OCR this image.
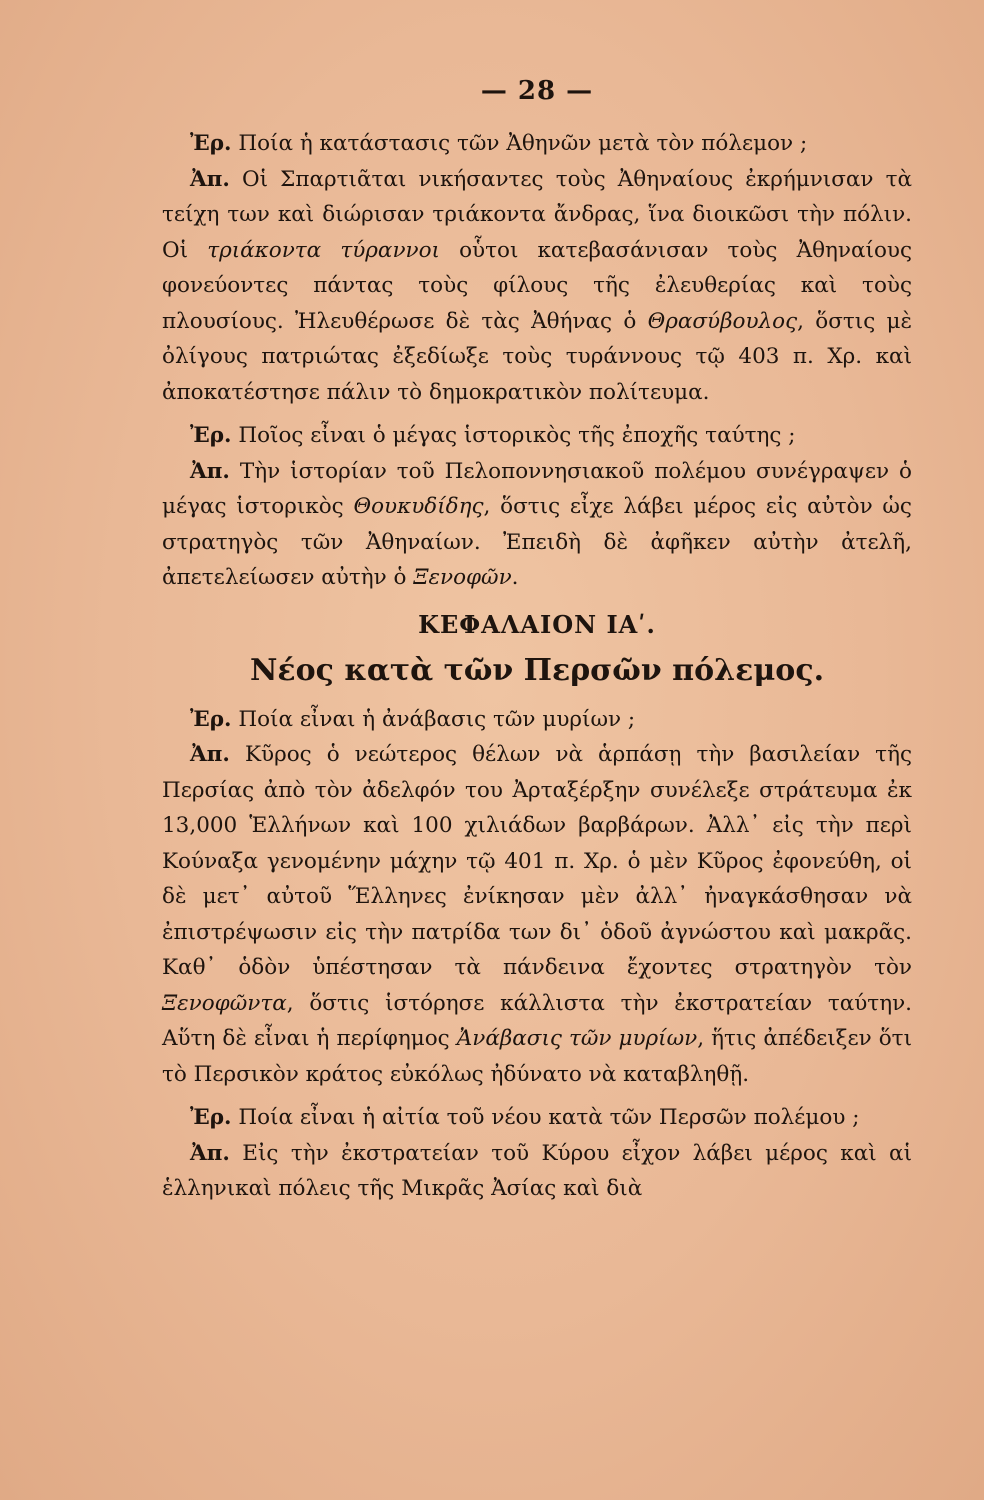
— 28 —

Ἐρ. Ποία ἡ κατάστασις τῶν Ἀθηνῶν μετὰ τὸν πόλεμον ;

Ἀπ. Οἱ Σπαρτιᾶται νικήσαντες τοὺς Ἀθηναίους ἐκρήμνισαν τὰ τείχη των καὶ διώρισαν τριάκοντα ἄνδρας, ἵνα διοικῶσι τὴν πόλιν. Οἱ τριάκοντα τύραννοι οὗτοι κατεβασάνισαν τοὺς Ἀθηναίους φονεύοντες πάντας τοὺς φίλους τῆς ἐλευθερίας καὶ τοὺς πλουσίους. Ἠλευθέρωσε δὲ τὰς Ἀθήνας ὁ Θρασύβουλος, ὅστις μὲ ὀλίγους πατριώτας ἐξεδίωξε τοὺς τυράννους τῷ 403 π. Χρ. καὶ ἀποκατέστησε πάλιν τὸ δημοκρατικὸν πολίτευμα.

Ἐρ. Ποῖος εἶναι ὁ μέγας ἱστορικὸς τῆς ἐποχῆς ταύτης ;

Ἀπ. Τὴν ἱστορίαν τοῦ Πελοποννησιακοῦ πολέμου συνέγραψεν ὁ μέγας ἱστορικὸς Θουκυδίδης, ὅστις εἶχε λάβει μέρος εἰς αὐτὸν ὡς στρατηγὸς τῶν Ἀθηναίων. Ἐπειδὴ δὲ ἀφῆκεν αὐτὴν ἀτελῆ, ἀπετελείωσεν αὐτὴν ὁ Ξενοφῶν.

ΚΕΦΑΛΑΙΟΝ ΙΑʹ.
Νέος κατὰ τῶν Περσῶν πόλεμος.

Ἐρ. Ποία εἶναι ἡ ἀνάβασις τῶν μυρίων ;

Ἀπ. Κῦρος ὁ νεώτερος θέλων νὰ ἁρπάσῃ τὴν βασιλείαν τῆς Περσίας ἀπὸ τὸν ἀδελφόν του Ἀρταξέρξην συνέλεξε στράτευμα ἐκ 13,000 Ἑλλήνων καὶ 100 χιλιάδων βαρβάρων. Ἀλλ᾽ εἰς τὴν περὶ Κούναξα γενομένην μάχην τῷ 401 π. Χρ. ὁ μὲν Κῦρος ἐφονεύθη, οἱ δὲ μετ᾽ αὐτοῦ Ἕλληνες ἐνίκησαν μὲν ἀλλ᾽ ἠναγκάσθησαν νὰ ἐπιστρέψωσιν εἰς τὴν πατρίδα των δι᾽ ὁδοῦ ἀγνώστου καὶ μακρᾶς. Καθ᾽ ὁδὸν ὑπέστησαν τὰ πάνδεινα ἔχοντες στρατηγὸν τὸν Ξενοφῶντα, ὅστις ἱστόρησε κάλλιστα τὴν ἐκστρατείαν ταύτην. Αὕτη δὲ εἶναι ἡ περίφημος Ἀνάβασις τῶν μυρίων, ἥτις ἀπέδειξεν ὅτι τὸ Περσικὸν κράτος εὐκόλως ἠδύνατο νὰ καταβληθῇ.

Ἐρ. Ποία εἶναι ἡ αἰτία τοῦ νέου κατὰ τῶν Περσῶν πολέμου ;

Ἀπ. Εἰς τὴν ἐκστρατείαν τοῦ Κύρου εἶχον λάβει μέρος καὶ αἱ ἑλληνικαὶ πόλεις τῆς Μικρᾶς Ἀσίας καὶ διὰ
